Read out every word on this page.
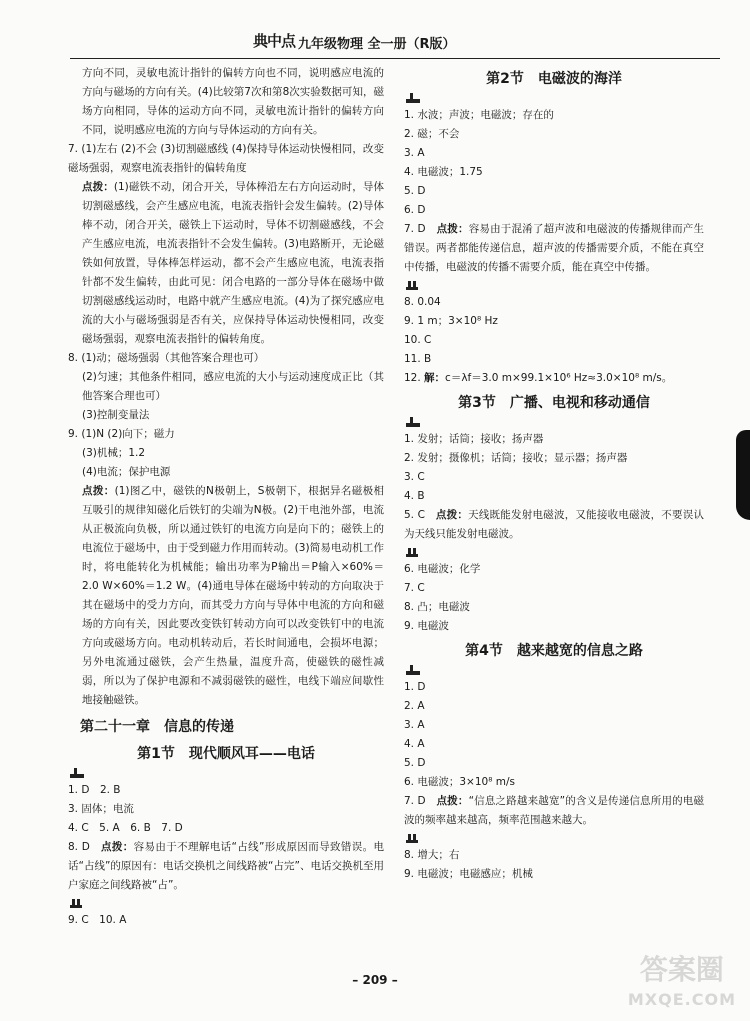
典中点 九年级物理 全一册（R版）

方向不同，灵敏电流计指针的偏转方向也不同，说明感应电流的方向与磁场的方向有关。(4)比较第7次和第8次实验数据可知，磁场方向相同，导体的运动方向不同，灵敏电流计指针的偏转方向不同，说明感应电流的方向与导体运动的方向有关。

7. (1)左右 (2)不会 (3)切割磁感线 (4)保持导体运动快慢相同，改变磁场强弱，观察电流表指针的偏转角度

点拨：(1)磁铁不动，闭合开关，导体棒沿左右方向运动时，导体切割磁感线，会产生感应电流，电流表指针会发生偏转。(2)导体棒不动，闭合开关，磁铁上下运动时，导体不切割磁感线，不会产生感应电流，电流表指针不会发生偏转。(3)电路断开，无论磁铁如何放置，导体棒怎样运动，都不会产生感应电流，电流表指针都不发生偏转，由此可见：闭合电路的一部分导体在磁场中做切割磁感线运动时，电路中就产生感应电流。(4)为了探究感应电流的大小与磁场强弱是否有关，应保持导体运动快慢相同，改变磁场强弱，观察电流表指针的偏转角度。

8. (1)动；磁场强弱（其他答案合理也可）

(2)匀速；其他条件相同，感应电流的大小与运动速度成正比（其他答案合理也可）

(3)控制变量法

9. (1)N (2)向下；磁力

(3)机械；1.2

(4)电流；保护电源

点拨：(1)图乙中，磁铁的N极朝上，S极朝下，根据异名磁极相互吸引的规律知磁化后铁钉的尖端为N极。(2)干电池外部，电流从正极流向负极，所以通过铁钉的电流方向是向下的；磁铁上的电流位于磁场中，由于受到磁力作用而转动。(3)简易电动机工作时，将电能转化为机械能；输出功率为P输出＝P输入×60%＝2.0 W×60%＝1.2 W。(4)通电导体在磁场中转动的方向取决于其在磁场中的受力方向，而其受力方向与导体中电流的方向和磁场的方向有关，因此要改变铁钉转动方向可以改变铁钉中的电流方向或磁场方向。电动机转动后，若长时间通电，会损坏电源；另外电流通过磁铁，会产生热量，温度升高，使磁铁的磁性减弱，所以为了保护电源和不减弱磁铁的磁性，电线下端应间歇性地接触磁铁。

第二十一章　信息的传递
第1节　现代顺风耳——电话

1. D　2. B

3. 固体；电流

4. C　5. A　6. B　7. D

8. D　点拨：容易由于不理解电话“占线”形成原因而导致错误。电话“占线”的原因有：电话交换机之间线路被“占完”、电话交换机至用户家庭之间线路被“占”。

9. C　10. A

第2节　电磁波的海洋

1. 水波；声波；电磁波；存在的

2. 磁；不会

3. A

4. 电磁波；1.75

5. D

6. D

7. D　点拨：容易由于混淆了超声波和电磁波的传播规律而产生错误。两者都能传递信息，超声波的传播需要介质，不能在真空中传播，电磁波的传播不需要介质，能在真空中传播。

8. 0.04

9. 1 m；3×10⁸ Hz

10. C

11. B

12. 解：c＝λf＝3.0 m×99.1×10⁶ Hz≈3.0×10⁸ m/s。

第3节　广播、电视和移动通信

1. 发射；话筒；接收；扬声器

2. 发射；摄像机；话筒；接收；显示器；扬声器

3. C

4. B

5. C　点拨：天线既能发射电磁波，又能接收电磁波，不要误认为天线只能发射电磁波。

6. 电磁波；化学

7. C

8. 凸；电磁波

9. 电磁波

第4节　越来越宽的信息之路

1. D

2. A

3. A

4. A

5. D

6. 电磁波；3×10⁸ m/s

7. D　点拨：“信息之路越来越宽”的含义是传递信息所用的电磁波的频率越来越高，频率范围越来越大。

8. 增大；右

9. 电磁波；电磁感应；机械

– 209 –	答案圈
MXQE.COM
